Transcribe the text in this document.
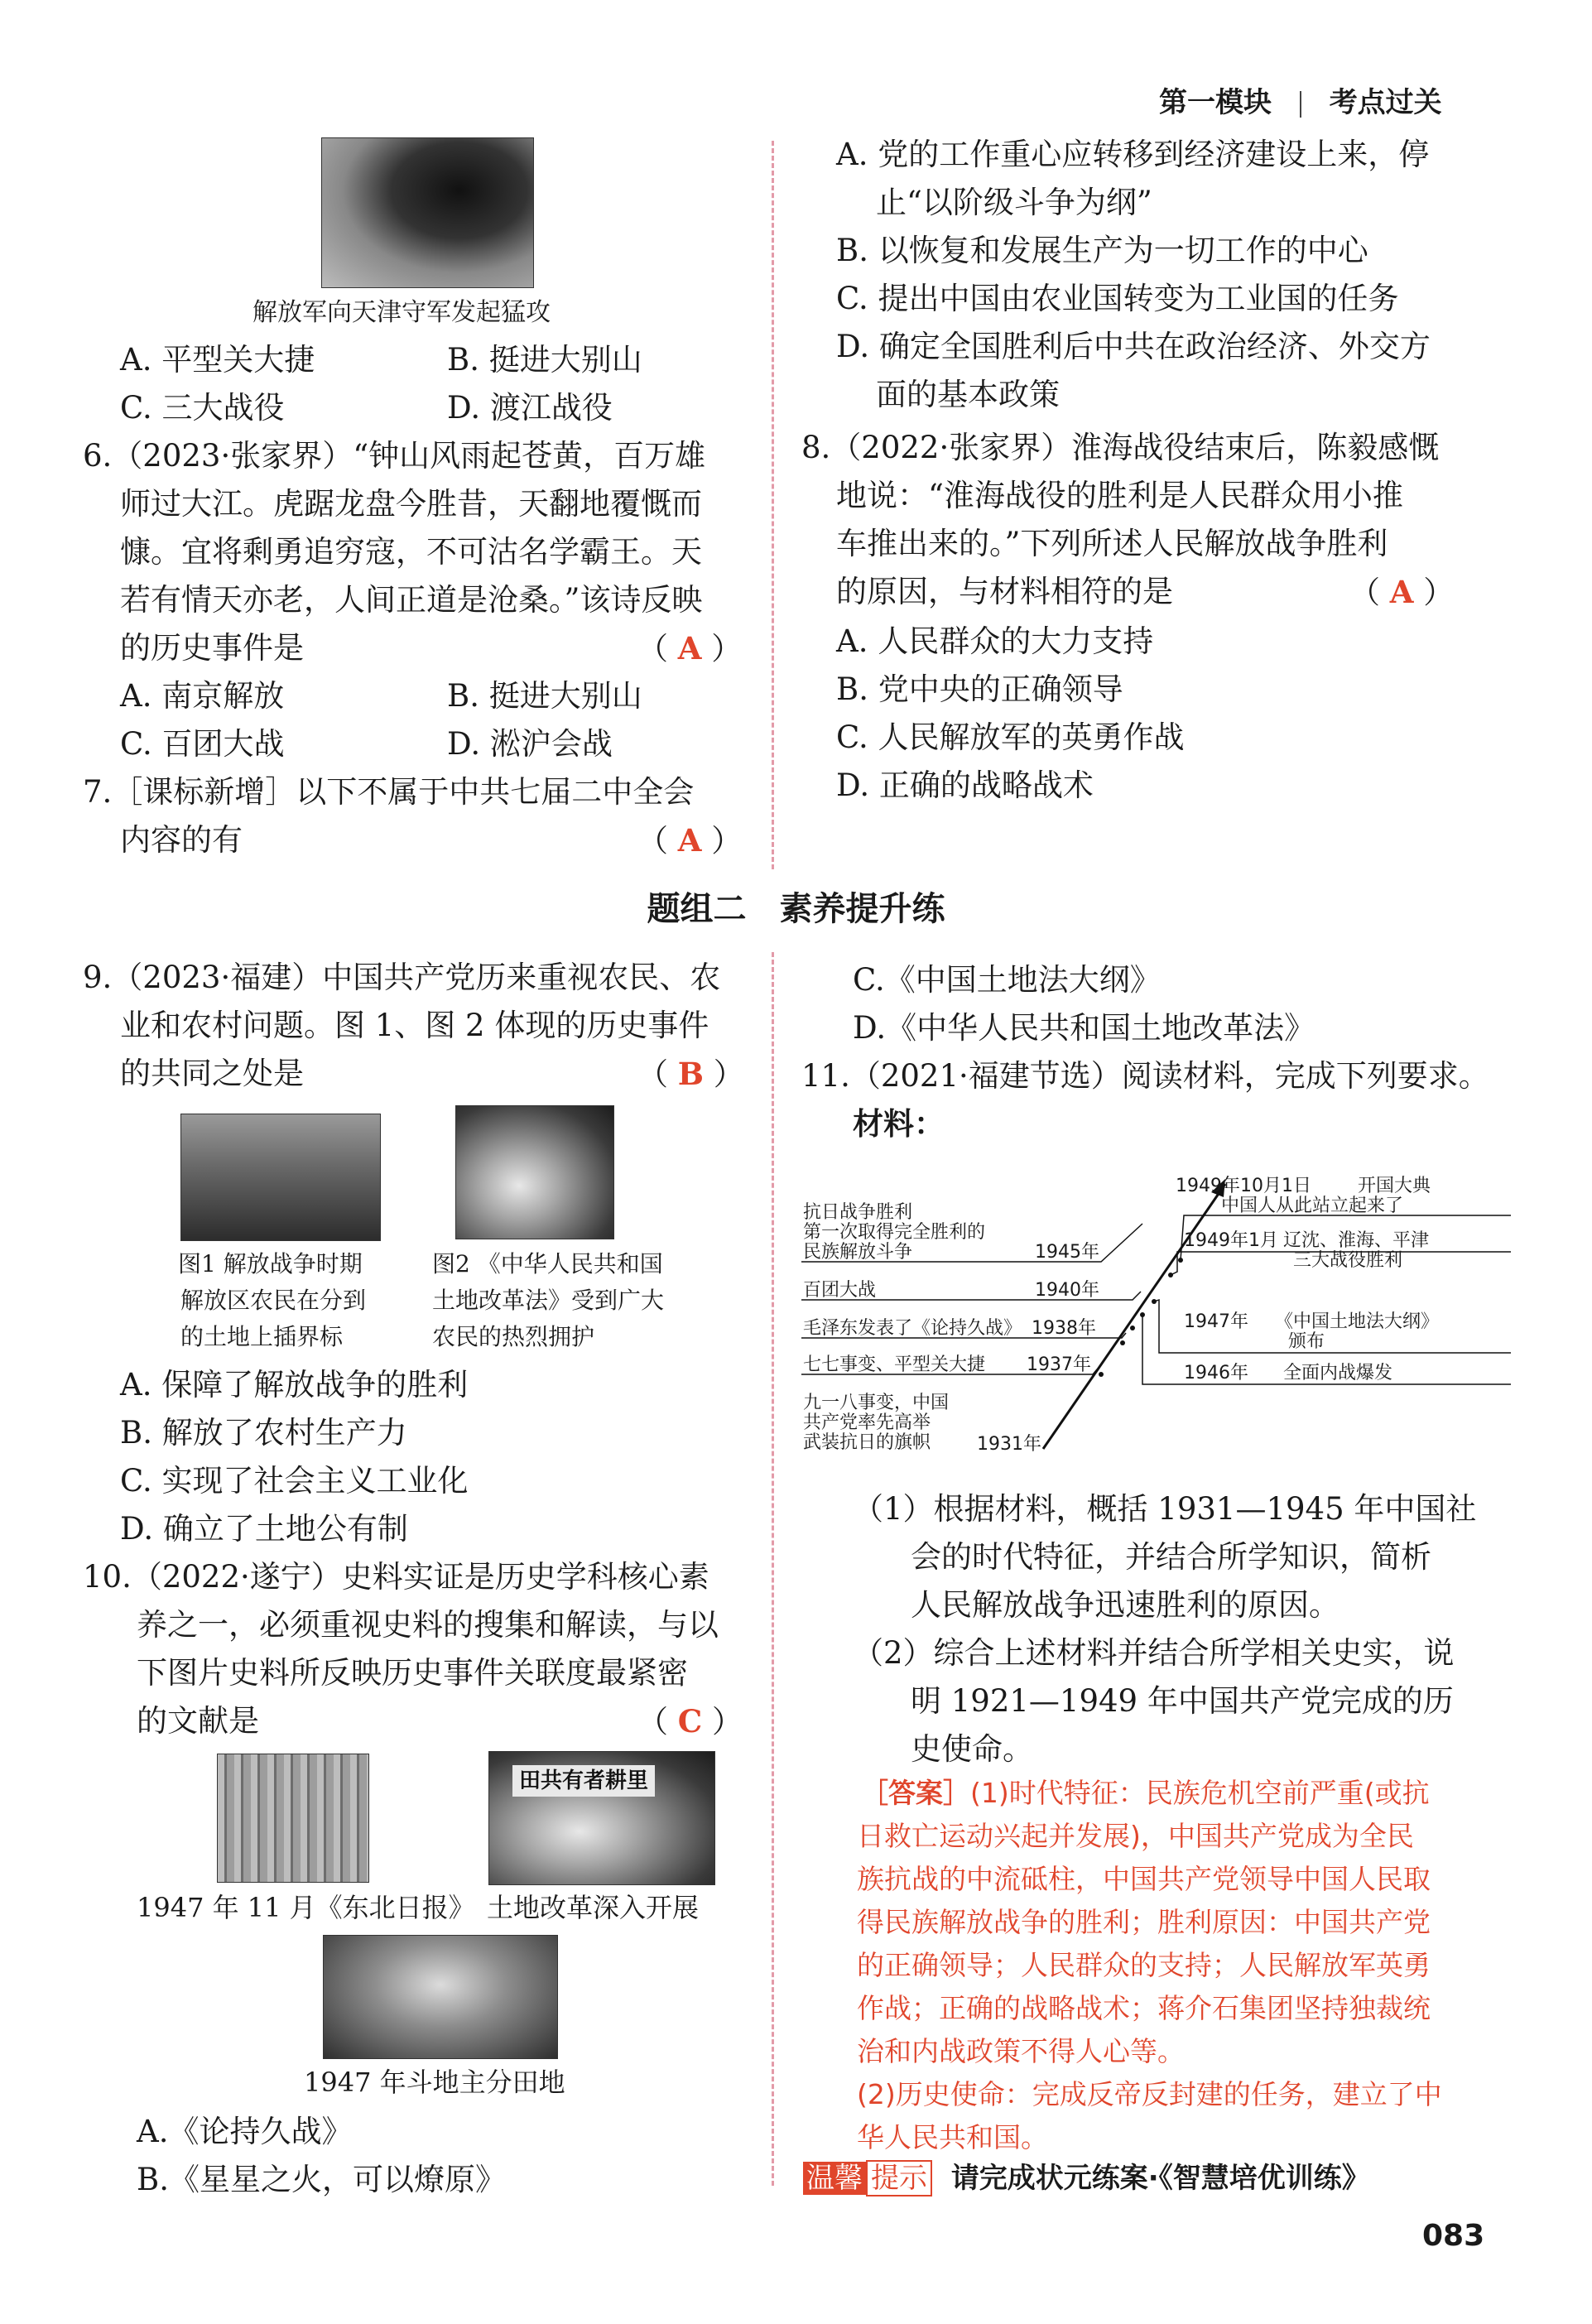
第一模块 考点过关
解放军向天津守军发起猛攻
A. 平型关大捷	B. 挺进大别山
C. 三大战役	D. 渡江战役
6.（2023·张家界）“钟山风雨起苍黄，百万雄
师过大江。虎踞龙盘今胜昔，天翻地覆慨而
慷。宜将剩勇追穷寇，不可沽名学霸王。天
若有情天亦老，人间正道是沧桑。”该诗反映
的历史事件是	（ A ）
A. 南京解放	B. 挺进大别山
C. 百团大战	D. 淞沪会战
7.［课标新增］以下不属于中共七届二中全会
内容的有	（ A ）
A. 党的工作重心应转移到经济建设上来，停
止“以阶级斗争为纲”
B. 以恢复和发展生产为一切工作的中心
C. 提出中国由农业国转变为工业国的任务
D. 确定全国胜利后中共在政治经济、外交方
面的基本政策
8.（2022·张家界）淮海战役结束后，陈毅感慨
地说：“淮海战役的胜利是人民群众用小推
车推出来的。”下列所述人民解放战争胜利
的原因，与材料相符的是	（ A ）
A. 人民群众的大力支持
B. 党中央的正确领导
C. 人民解放军的英勇作战
D. 正确的战略战术
题组二　素养提升练
9.（2023·福建）中国共产党历来重视农民、农
业和农村问题。图 1、图 2 体现的历史事件
的共同之处是	（ B ）
图1 解放战争时期
解放区农民在分到
的土地上插界标
图2 《中华人民共和国
土地改革法》受到广大
农民的热烈拥护
A. 保障了解放战争的胜利
B. 解放了农村生产力
C. 实现了社会主义工业化
D. 确立了土地公有制
10.（2022·遂宁）史料实证是历史学科核心素
养之一，必须重视史料的搜集和解读，与以
下图片史料所反映历史事件关联度最紧密
的文献是	（ C ）
田共有者耕里
1947 年 11 月《东北日报》 土地改革深入开展
1947 年斗地主分田地
A.《论持久战》
B.《星星之火，可以燎原》
C.《中国土地法大纲》
D.《中华人民共和国土地改革法》
11.（2021·福建节选）阅读材料，完成下列要求。
材料：
抗日战争胜利
第一次取得完全胜利的
民族解放斗争	1945年
百团大战	1940年
毛泽东发表了《论持久战》 1938年
七七事变、平型关大捷 1937年
九一八事变，中国
共产党率先高举
武装抗日的旗帜	1931年
1949年10月1日	开国大典
中国人从此站立起来了
1949年1月 辽沈、淮海、平津
三大战役胜利
1947年 《中国土地法大纲》
颁布
1946年 全面内战爆发
（1）根据材料，概括 1931—1945 年中国社
会的时代特征，并结合所学知识，简析
人民解放战争迅速胜利的原因。
（2）综合上述材料并结合所学相关史实，说
明 1921—1949 年中国共产党完成的历
史使命。
［答案］(1)时代特征：民族危机空前严重(或抗
日救亡运动兴起并发展)，中国共产党成为全民
族抗战的中流砥柱，中国共产党领导中国人民取
得民族解放战争的胜利；胜利原因：中国共产党
的正确领导；人民群众的支持；人民解放军英勇
作战；正确的战略战术；蒋介石集团坚持独裁统
治和内战政策不得人心等。
(2)历史使命：完成反帝反封建的任务，建立了中
华人民共和国。
温馨 提示 请完成状元练案·《智慧培优训练》
083
